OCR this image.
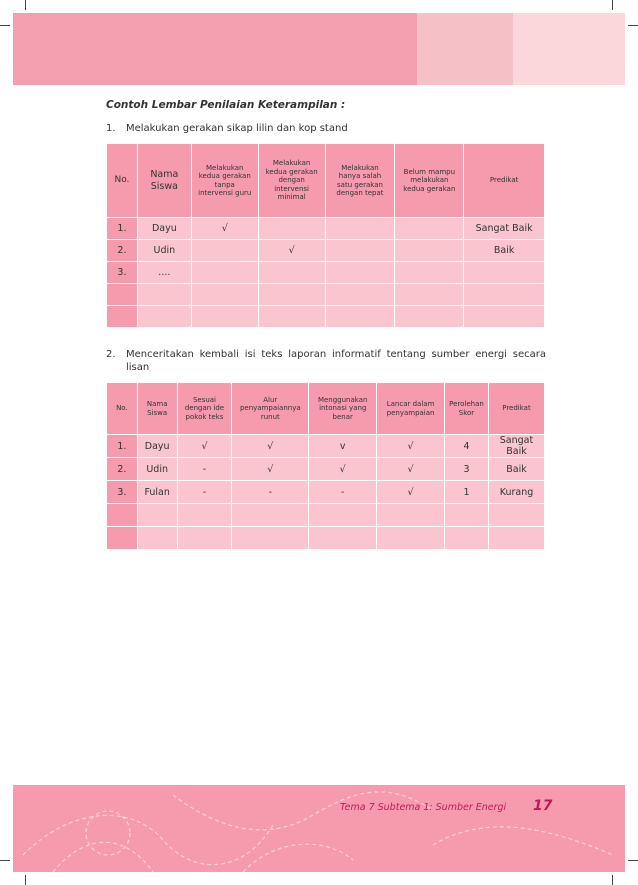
Contoh Lembar Penilaian Keterampilan :
1. Melakukan gerakan sikap lilin dan kop stand
No.	Nama Siswa	Melakukan kedua gerakan tanpa intervensi guru	Melakukan kedua gerakan dengan intervensi minimal	Melakukan hanya salah satu gerakan dengan tepat	Belum mampu melakukan kedua gerakan	Predikat
1.	Dayu	√				Sangat Baik
2.	Udin		√			Baik
3.	....					

2.	Menceritakan kembali isi teks laporan informatif tentang sumber energi secara lisan
No.	Nama Siswa	Sesuai dengan ide pokok teks	Alur penyampaiannya runut	Menggunakan intonasi yang benar	Lancar dalam penyampaian	Perolehan Skor	Predikat
1.	Dayu	√	√	v	√	4	Sangat Baik
2.	Udin	-	√	√	√	3	Baik
3.	Fulan	-	-	-	√	1	Kurang

Tema 7 Subtema 1: Sumber Energi 17
